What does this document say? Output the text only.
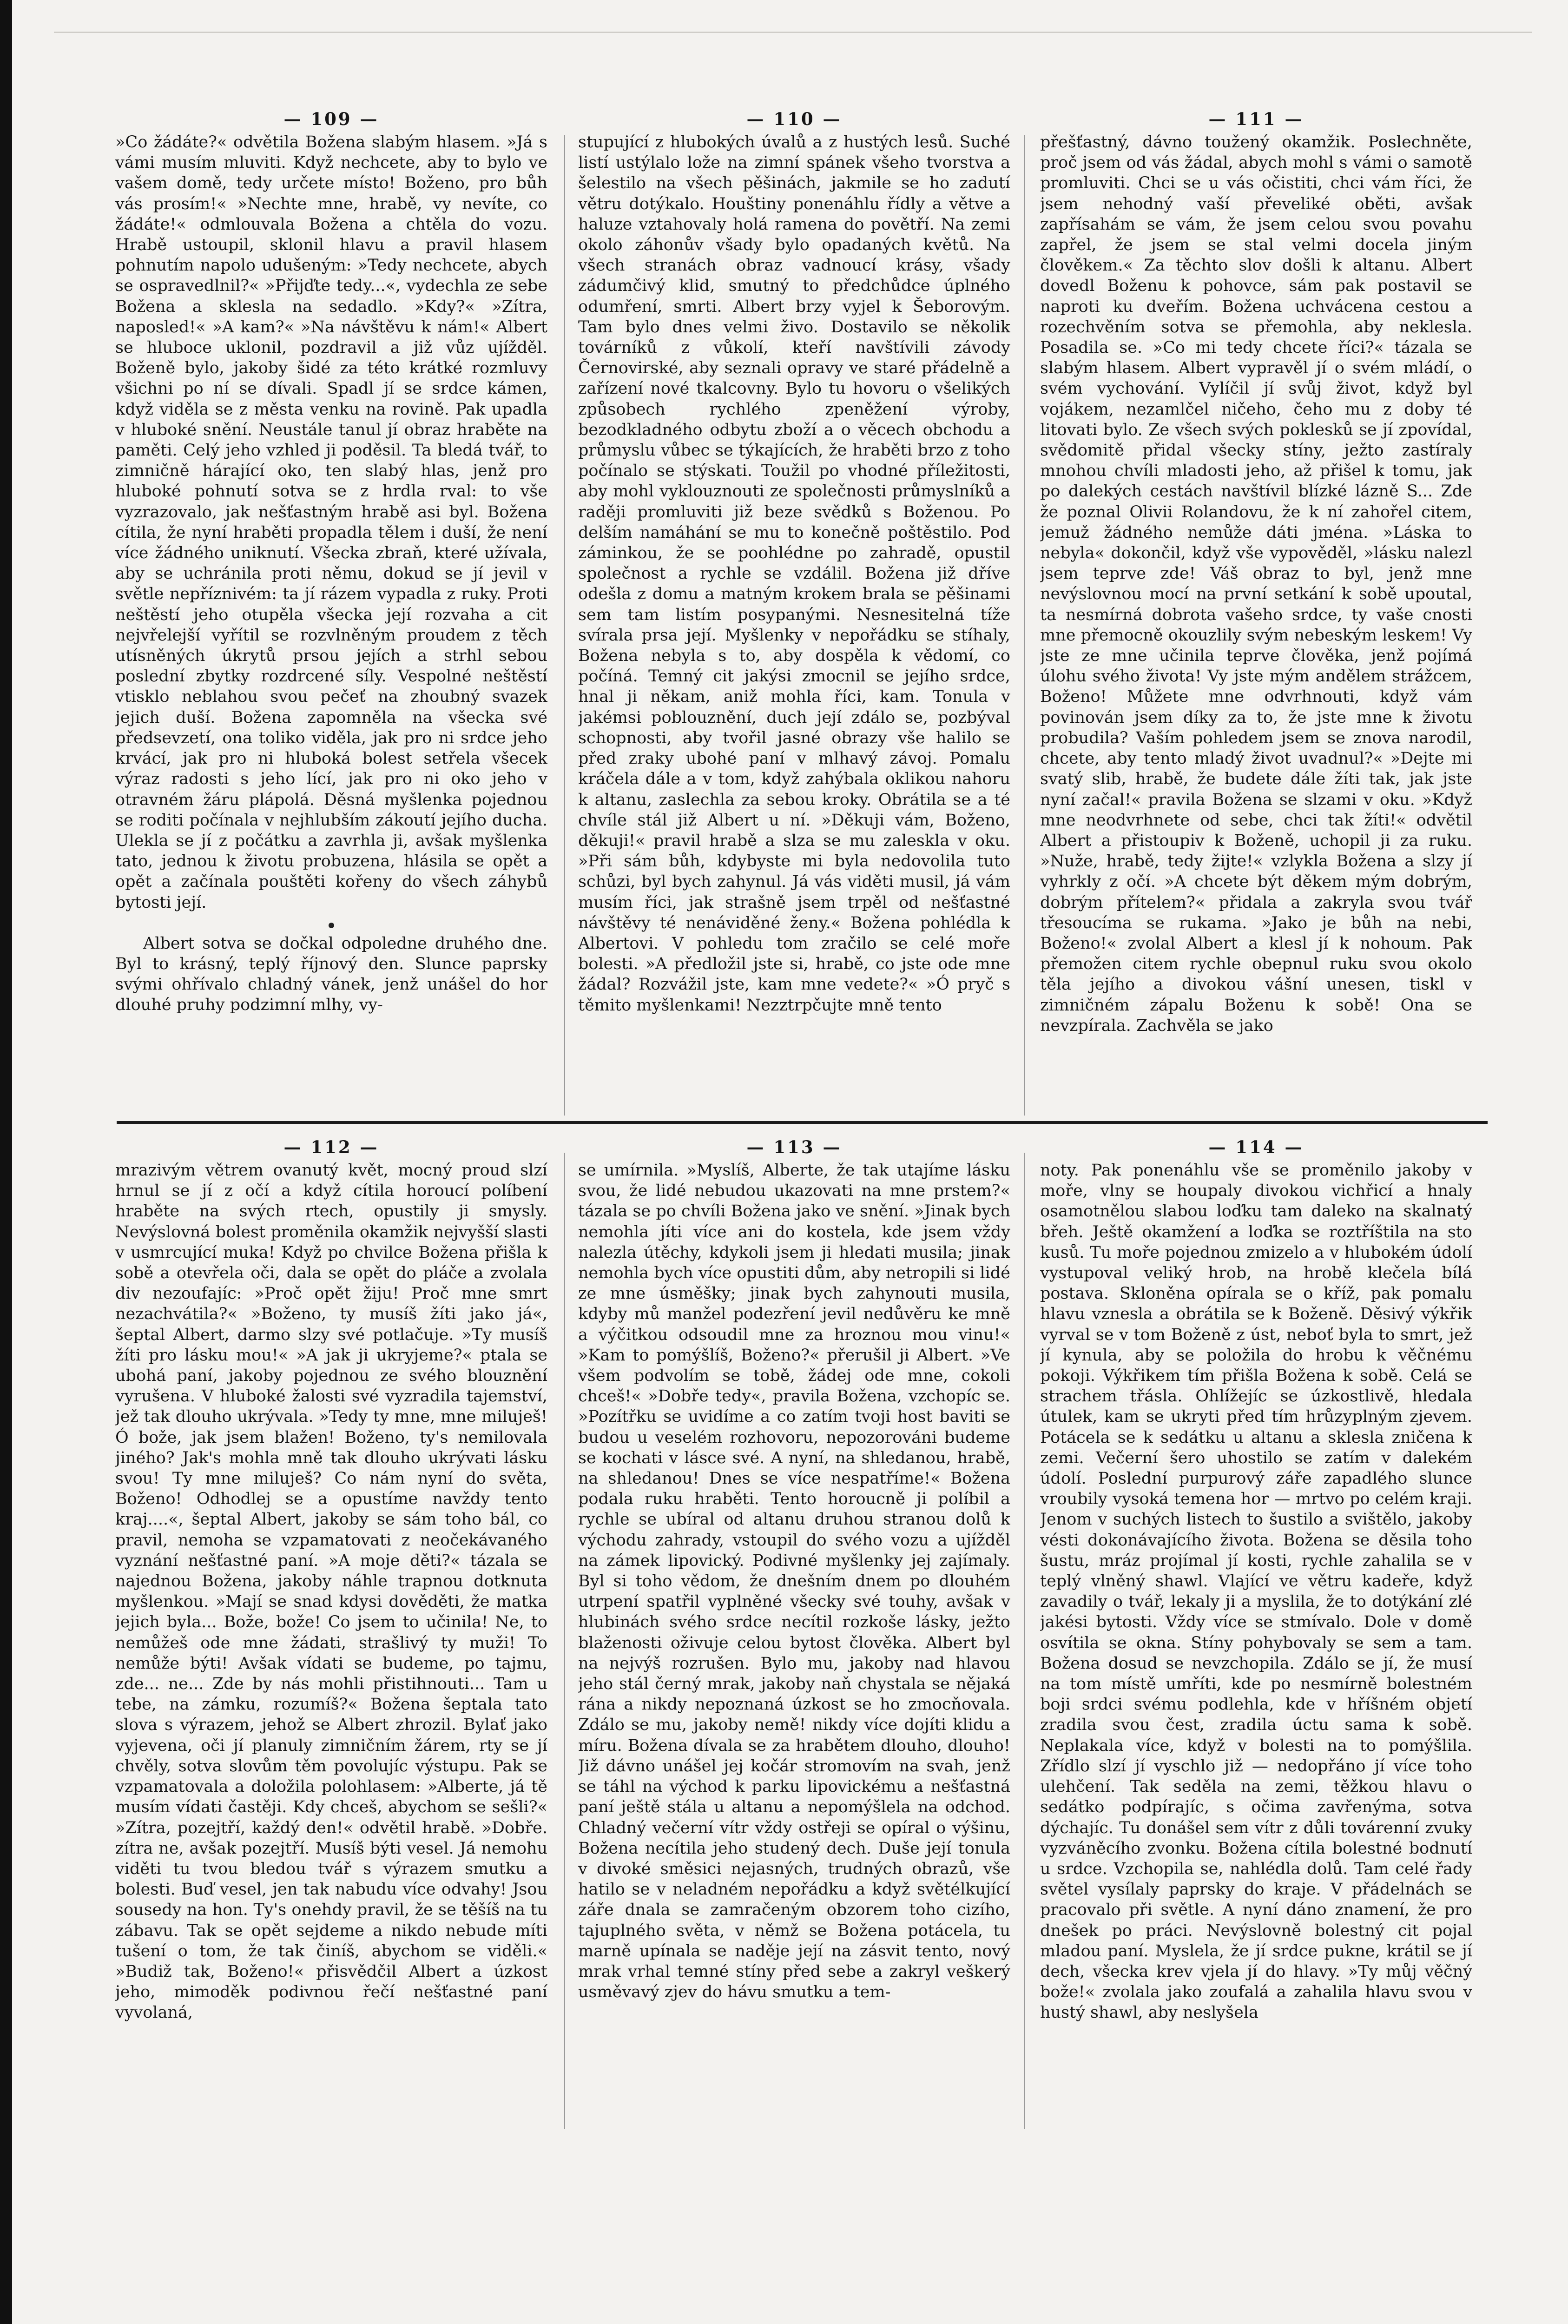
— 109 —

»Co žádáte?« odvětila Božena slabým hlasem. »Já s vámi musím mluviti. Když nechcete, aby to bylo ve vašem domě, tedy určete místo! Boženo, pro bůh vás prosím!« »Nechte mne, hrabě, vy nevíte, co žádáte!« odmlouvala Božena a chtěla do vozu. Hrabě ustoupil, sklonil hlavu a pravil hlasem pohnutím napolo udušeným: »Tedy nechcete, abych se ospravedlnil?« »Přijďte tedy...«, vydechla ze sebe Božena a sklesla na sedadlo. »Kdy?« »Zítra, naposled!« »A kam?« »Na návštěvu k nám!« Albert se hluboce uklonil, pozdravil a již vůz ujížděl. Boženě bylo, jakoby šidé za této krátké rozmluvy všichni po ní se dívali. Spadl jí se srdce kámen, když viděla se z města venku na rovině. Pak upadla v hluboké snění. Neustále tanul jí obraz hraběte na paměti. Celý jeho vzhled ji poděsil. Ta bledá tvář, to zimničně hárající oko, ten slabý hlas, jenž pro hluboké pohnutí sotva se z hrdla rval: to vše vyzrazovalo, jak nešťastným hrabě asi byl. Božena cítila, že nyní hraběti propadla tělem i duší, že není více žádného uniknutí. Všecka zbraň, které užívala, aby se uchránila proti němu, dokud se jí jevil v světle nepříznivém: ta jí rázem vypadla z ruky. Proti neštěstí jeho otupěla všecka její rozvaha a cit nejvřelejší vyřítil se rozvlněným proudem z těch utísněných úkrytů prsou jejích a strhl sebou poslední zbytky rozdrcené síly. Vespolné neštěstí vtisklo neblahou svou pečeť na zhoubný svazek jejich duší. Božena zapomněla na všecka své předsevzetí, ona toliko viděla, jak pro ni srdce jeho krvácí, jak pro ni hluboká bolest setřela všecek výraz radosti s jeho lící, jak pro ni oko jeho v otravném žáru plápolá. Děsná myšlenka pojednou se roditi počínala v nejhlubším zákoutí jejího ducha. Ulekla se jí z počátku a zavrhla ji, avšak myšlenka tato, jednou k životu probuzena, hlásila se opět a opět a začínala pouštěti kořeny do všech záhybů bytosti její.

Albert sotva se dočkal odpoledne druhého dne. Byl to krásný, teplý říjnový den. Slunce paprsky svými ohřívalo chladný vánek, jenž unášel do hor dlouhé pruhy podzimní mlhy, vy-

— 110 —

stupující z hlubokých úvalů a z hustých lesů. Suché listí ustýlalo lože na zimní spánek všeho tvorstva a šelestilo na všech pěšinách, jakmile se ho zadutí větru dotýkalo. Houštiny ponenáhlu řídly a větve a haluze vztahovaly holá ramena do povětří. Na zemi okolo záhonův všady bylo opadaných květů. Na všech stranách obraz vadnoucí krásy, všady zádumčivý klid, smutný to předchůdce úplného odumření, smrti. Albert brzy vyjel k Šeborovým. Tam bylo dnes velmi živo. Dostavilo se několik továrníků z vůkolí, kteří navštívili závody Černovirské, aby seznali opravy ve staré přádelně a zařízení nové tkalcovny. Bylo tu hovoru o všelikých způsobech rychlého zpeněžení výroby, bezodkladného odbytu zboží a o věcech obchodu a průmyslu vůbec se týkajících, že hraběti brzo z toho počínalo se stýskati. Toužil po vhodné příležitosti, aby mohl vyklouznouti ze společnosti průmyslníků a raději promluviti již beze svědků s Boženou. Po delším namáhání se mu to konečně poštěstilo. Pod záminkou, že se poohlédne po zahradě, opustil společnost a rychle se vzdálil. Božena již dříve odešla z domu a matným krokem brala se pěšinami sem tam listím posypanými. Nesnesitelná tíže svírala prsa její. Myšlenky v nepořádku se stíhaly, Božena nebyla s to, aby dospěla k vědomí, co počíná. Temný cit jakýsi zmocnil se jejího srdce, hnal ji někam, aniž mohla říci, kam. Tonula v jakémsi poblouznění, duch její zdálo se, pozbýval schopnosti, aby tvořil jasné obrazy vše halilo se před zraky ubohé paní v mlhavý závoj. Pomalu kráčela dále a v tom, když zahýbala oklikou nahoru k altanu, zaslechla za sebou kroky. Obrátila se a té chvíle stál již Albert u ní. »Děkuji vám, Boženo, děkuji!« pravil hrabě a slza se mu zaleskla v oku. »Při sám bůh, kdybyste mi byla nedovolila tuto schůzi, byl bych zahynul. Já vás viděti musil, já vám musím říci, jak strašně jsem trpěl od nešťastné návštěvy té nenáviděné ženy.« Božena pohlédla k Albertovi. V pohledu tom zračilo se celé moře bolesti. »A předložil jste si, hrabě, co jste ode mne žádal? Rozvážil jste, kam mne vedete?« »Ó pryč s těmito myšlenkami! Nezztrpčujte mně tento

— 111 —

přešťastný, dávno toužený okamžik. Poslechněte, proč jsem od vás žádal, abych mohl s vámi o samotě promluviti. Chci se u vás očistiti, chci vám říci, že jsem nehodný vaší převeliké oběti, avšak zapřísahám se vám, že jsem celou svou povahu zapřel, že jsem se stal velmi docela jiným člověkem.« Za těchto slov došli k altanu. Albert dovedl Boženu k pohovce, sám pak postavil se naproti ku dveřím. Božena uchvácena cestou a rozechvěním sotva se přemohla, aby neklesla. Posadila se. »Co mi tedy chcete říci?« tázala se slabým hlasem. Albert vypravěl jí o svém mládí, o svém vychování. Vylíčil jí svůj život, když byl vojákem, nezamlčel ničeho, čeho mu z doby té litovati bylo. Ze všech svých poklesků se jí zpovídal, svědomitě přidal všecky stíny, ježto zastíraly mnohou chvíli mladosti jeho, až přišel k tomu, jak po dalekých cestách navštívil blízké lázně S... Zde že poznal Olivii Rolandovu, že k ní zahořel citem, jemuž žádného nemůže dáti jména. »Láska to nebyla« dokončil, když vše vypověděl, »lásku nalezl jsem teprve zde! Váš obraz to byl, jenž mne nevýslovnou mocí na první setkání k sobě upoutal, ta nesmírná dobrota vašeho srdce, ty vaše cnosti mne přemocně okouzlily svým nebeským leskem! Vy jste ze mne učinila teprve člověka, jenž pojímá úlohu svého života! Vy jste mým andělem strážcem, Boženo! Můžete mne odvrhnouti, když vám povinován jsem díky za to, že jste mne k životu probudila? Vaším pohledem jsem se znova narodil, chcete, aby tento mladý život uvadnul?« »Dejte mi svatý slib, hrabě, že budete dále žíti tak, jak jste nyní začal!« pravila Božena se slzami v oku. »Když mne neodvrhnete od sebe, chci tak žíti!« odvětil Albert a přistoupiv k Boženě, uchopil ji za ruku. »Nuže, hrabě, tedy žijte!« vzlykla Božena a slzy jí vyhrkly z očí. »A chcete být děkem mým dobrým, dobrým přítelem?« přidala a zakryla svou tvář třesoucíma se rukama. »Jako je bůh na nebi, Boženo!« zvolal Albert a klesl jí k nohoum. Pak přemožen citem rychle obepnul ruku svou okolo těla jejího a divokou vášní unesen, tiskl v zimničném zápalu Boženu k sobě! Ona se nevzpírala. Zachvěla se jako

— 112 —

mrazivým větrem ovanutý květ, mocný proud slzí hrnul se jí z očí a když cítila horoucí políbení hraběte na svých rtech, opustily ji smysly. Nevýslovná bolest proměnila okamžik nejvyšší slasti v usmrcující muka! Když po chvilce Božena přišla k sobě a otevřela oči, dala se opět do pláče a zvolala div nezoufajíc: »Proč opět žiju! Proč mne smrt nezachvátila?« »Boženo, ty musíš žíti jako já«, šeptal Albert, darmo slzy své potlačuje. »Ty musíš žíti pro lásku mou!« »A jak ji ukryjeme?« ptala se ubohá paní, jakoby pojednou ze svého blouznění vyrušena. V hluboké žalosti své vyzradila tajemství, jež tak dlouho ukrývala. »Tedy ty mne, mne miluješ! Ó bože, jak jsem blažen! Boženo, ty's nemilovala jiného? Jak's mohla mně tak dlouho ukrývati lásku svou! Ty mne miluješ? Co nám nyní do světa, Boženo! Odhodlej se a opustíme navždy tento kraj....«, šeptal Albert, jakoby se sám toho bál, co pravil, nemoha se vzpamatovati z neočekávaného vyznání nešťastné paní. »A moje děti?« tázala se najednou Božena, jakoby náhle trapnou dotknuta myšlenkou. »Mají se snad kdysi dověděti, že matka jejich byla... Bože, bože! Co jsem to učinila! Ne, to nemůžeš ode mne žádati, strašlivý ty muži! To nemůže býti! Avšak vídati se budeme, po tajmu, zde... ne... Zde by nás mohli přistihnouti... Tam u tebe, na zámku, rozumíš?« Božena šeptala tato slova s výrazem, jehož se Albert zhrozil. Bylať jako vyjevena, oči jí planuly zimničním žárem, rty se jí chvěly, sotva slovům těm povolujíc výstupu. Pak se vzpamatovala a doložila polohlasem: »Alberte, já tě musím vídati častěji. Kdy chceš, abychom se sešli?« »Zítra, pozejtří, každý den!« odvětil hrabě. »Dobře. zítra ne, avšak pozejtří. Musíš býti vesel. Já nemohu viděti tu tvou bledou tvář s výrazem smutku a bolesti. Buď vesel, jen tak nabudu více odvahy! Jsou sousedy na hon. Ty's onehdy pravil, že se těšíš na tu zábavu. Tak se opět sejdeme a nikdo nebude míti tušení o tom, že tak činíš, abychom se viděli.« »Budiž tak, Boženo!« přisvědčil Albert a úzkost jeho, mimoděk podivnou řečí nešťastné paní vyvolaná,

— 113 —

se umírnila. »Myslíš, Alberte, že tak utajíme lásku svou, že lidé nebudou ukazovati na mne prstem?« tázala se po chvíli Božena jako ve snění. »Jinak bych nemohla jíti více ani do kostela, kde jsem vždy nalezla útěchy, kdykoli jsem ji hledati musila; jinak nemohla bych více opustiti dům, aby netropili si lidé ze mne úsměšky; jinak bych zahynouti musila, kdyby mů manžel podezření jevil nedůvěru ke mně a výčitkou odsoudil mne za hroznou mou vinu!« »Kam to pomýšlíš, Boženo?« přerušil ji Albert. »Ve všem podvolím se tobě, žádej ode mne, cokoli chceš!« »Dobře tedy«, pravila Božena, vzchopíc se. »Pozítřku se uvidíme a co zatím tvoji host baviti se budou u veselém rozhovoru, nepozorováni budeme se kochati v lásce své. A nyní, na shledanou, hrabě, na shledanou! Dnes se více nespatříme!« Božena podala ruku hraběti. Tento horoucně ji políbil a rychle se ubíral od altanu druhou stranou dolů k východu zahrady, vstoupil do svého vozu a ujížděl na zámek lipovický. Podivné myšlenky jej zajímaly. Byl si toho vědom, že dnešním dnem po dlouhém utrpení spatřil vyplněné všecky své touhy, avšak v hlubinách svého srdce necítil rozkoše lásky, ježto blaženosti oživuje celou bytost člověka. Albert byl na nejvýš rozrušen. Bylo mu, jakoby nad hlavou jeho stál černý mrak, jakoby naň chystala se nějaká rána a nikdy nepoznaná úzkost se ho zmocňovala. Zdálo se mu, jakoby nemě! nikdy více dojíti klidu a míru. Božena dívala se za hrabětem dlouho, dlouho! Již dávno unášel jej kočár stromovím na svah, jenž se táhl na východ k parku lipovickému a nešťastná paní ještě stála u altanu a nepomýšlela na odchod. Chladný večerní vítr vždy ostřeji se opíral o výšinu, Božena necítila jeho studený dech. Duše její tonula v divoké směsici nejasných, trudných obrazů, vše hatilo se v neladném nepořádku a když světélkující záře dnala se zamračeným obzorem toho cizího, tajuplného světa, v němž se Božena potácela, tu marně upínala se naděje její na zásvit tento, nový mrak vrhal temné stíny před sebe a zakryl veškerý usměvavý zjev do hávu smutku a tem-

— 114 —

noty. Pak ponenáhlu vše se proměnilo jakoby v moře, vlny se houpaly divokou vichřicí a hnaly osamotnělou slabou loďku tam daleko na skalnatý břeh. Ještě okamžení a loďka se roztříštila na sto kusů. Tu moře pojednou zmizelo a v hlubokém údolí vystupoval veliký hrob, na hrobě klečela bílá postava. Skloněna opírala se o kříž, pak pomalu hlavu vznesla a obrátila se k Boženě. Děsivý výkřik vyrval se v tom Boženě z úst, neboť byla to smrt, jež jí kynula, aby se položila do hrobu k věčnému pokoji. Výkřikem tím přišla Božena k sobě. Celá se strachem třásla. Ohlížejíc se úzkostlivě, hledala útulek, kam se ukryti před tím hrůzyplným zjevem. Potácela se k sedátku u altanu a sklesla zničena k zemi. Večerní šero uhostilo se zatím v dalekém údolí. Poslední purpurový záře zapadlého slunce vroubily vysoká temena hor — mrtvo po celém kraji. Jenom v suchých listech to šustilo a svištělo, jakoby vésti dokonávajícího života. Božena se děsila toho šustu, mráz projímal jí kosti, rychle zahalila se v teplý vlněný shawl. Vlající ve větru kadeře, když zavadily o tvář, lekaly ji a myslila, že to dotýkání zlé jakési bytosti. Vždy více se stmívalo. Dole v domě osvítila se okna. Stíny pohybovaly se sem a tam. Božena dosud se nevzchopila. Zdálo se jí, že musí na tom místě umříti, kde po nesmírně bolestném boji srdci svému podlehla, kde v hříšném objetí zradila svou čest, zradila úctu sama k sobě. Neplakala více, když v bolesti na to pomýšlila. Zřídlo slzí jí vyschlo již — nedopřáno jí více toho ulehčení. Tak seděla na zemi, těžkou hlavu o sedátko podpírajíc, s očima zavřenýma, sotva dýchajíc. Tu donášel sem vítr z důli továrenní zvuky vyzváněcího zvonku. Božena cítila bolestné bodnutí u srdce. Vzchopila se, nahlédla dolů. Tam celé řady světel vysílaly paprsky do kraje. V přádelnách se pracovalo při světle. A nyní dáno znamení, že pro dnešek po práci. Nevýslovně bolestný cit pojal mladou paní. Myslela, že jí srdce pukne, krátil se jí dech, všecka krev vjela jí do hlavy. »Ty můj věčný bože!« zvolala jako zoufalá a zahalila hlavu svou v hustý shawl, aby neslyšela
